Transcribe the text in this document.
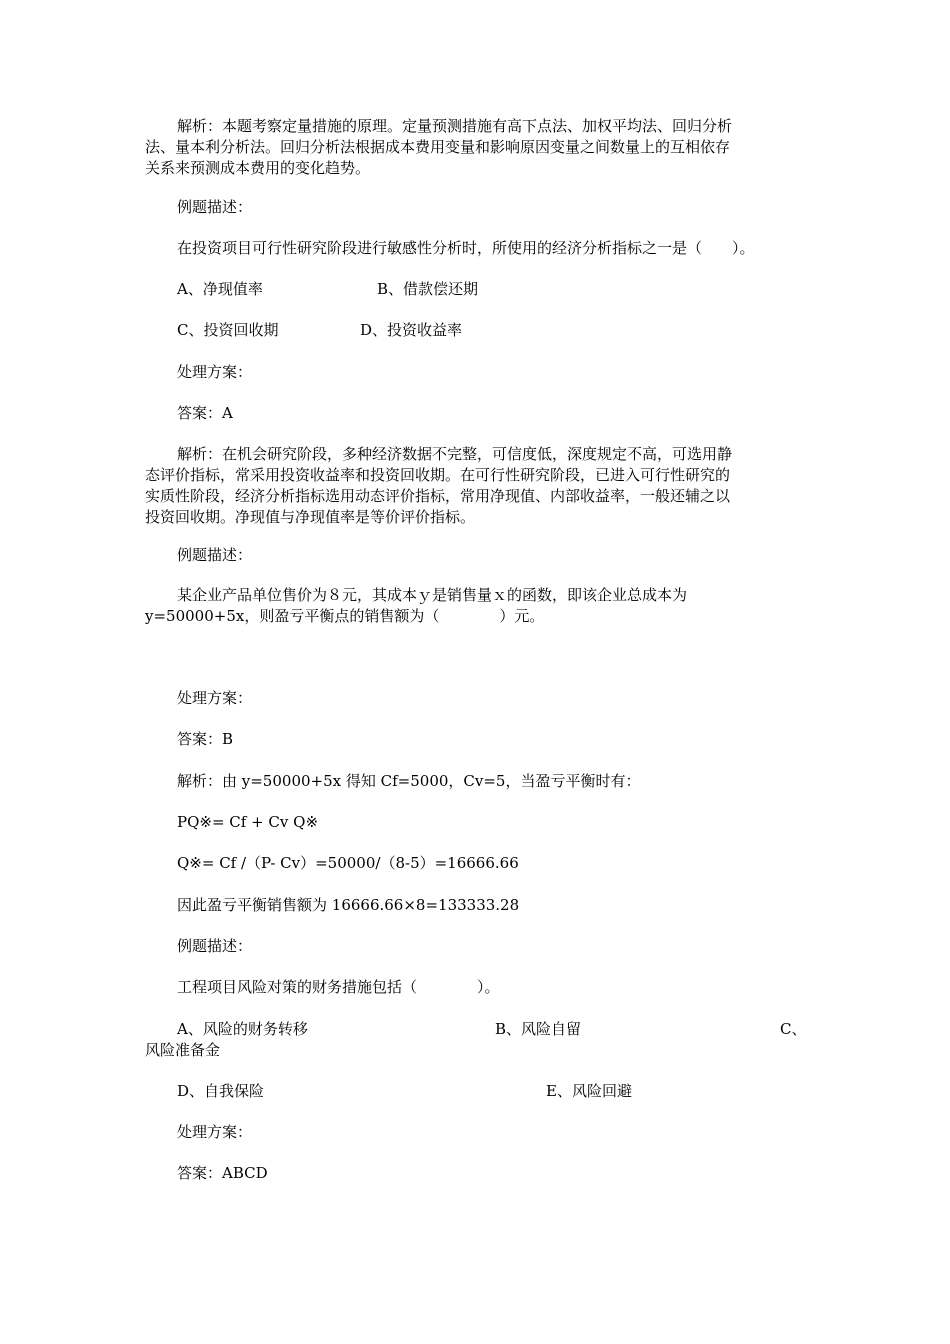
解析：本题考察定量措施的原理。定量预测措施有高下点法、加权平均法、回归分析
法、量本利分析法。回归分析法根据成本费用变量和影响原因变量之间数量上的互相依存
关系来预测成本费用的变化趋势。
例题描述：
在投资项目可行性研究阶段进行敏感性分析时，所使用的经济分析指标之一是（　　）。
A、净现值率	B、借款偿还期
C、投资回收期	D、投资收益率
处理方案：
答案：A
解析：在机会研究阶段，多种经济数据不完整，可信度低，深度规定不高，可选用静
态评价指标，常采用投资收益率和投资回收期。在可行性研究阶段，已进入可行性研究的
实质性阶段，经济分析指标选用动态评价指标，常用净现值、内部收益率，一般还辅之以
投资回收期。净现值与净现值率是等价评价指标。
例题描述：
某企业产品单位售价为８元，其成本ｙ是销售量ｘ的函数，即该企业总成本为
y=50000+5x，则盈亏平衡点的销售额为（　　　　）元。
处理方案：
答案：B
解析：由 y=50000+5x 得知 Cf=5000，Cv=5，当盈亏平衡时有：
PQ※= Cf + Cv Q※
Q※= Cf /（P- Cv）=50000/（8-5）=16666.66
因此盈亏平衡销售额为 16666.66×8=133333.28
例题描述：
工程项目风险对策的财务措施包括（　　　　）。
A、风险的财务转移	B、风险自留	C、
风险准备金
D、自我保险	E、风险回避
处理方案：
答案：ABCD
